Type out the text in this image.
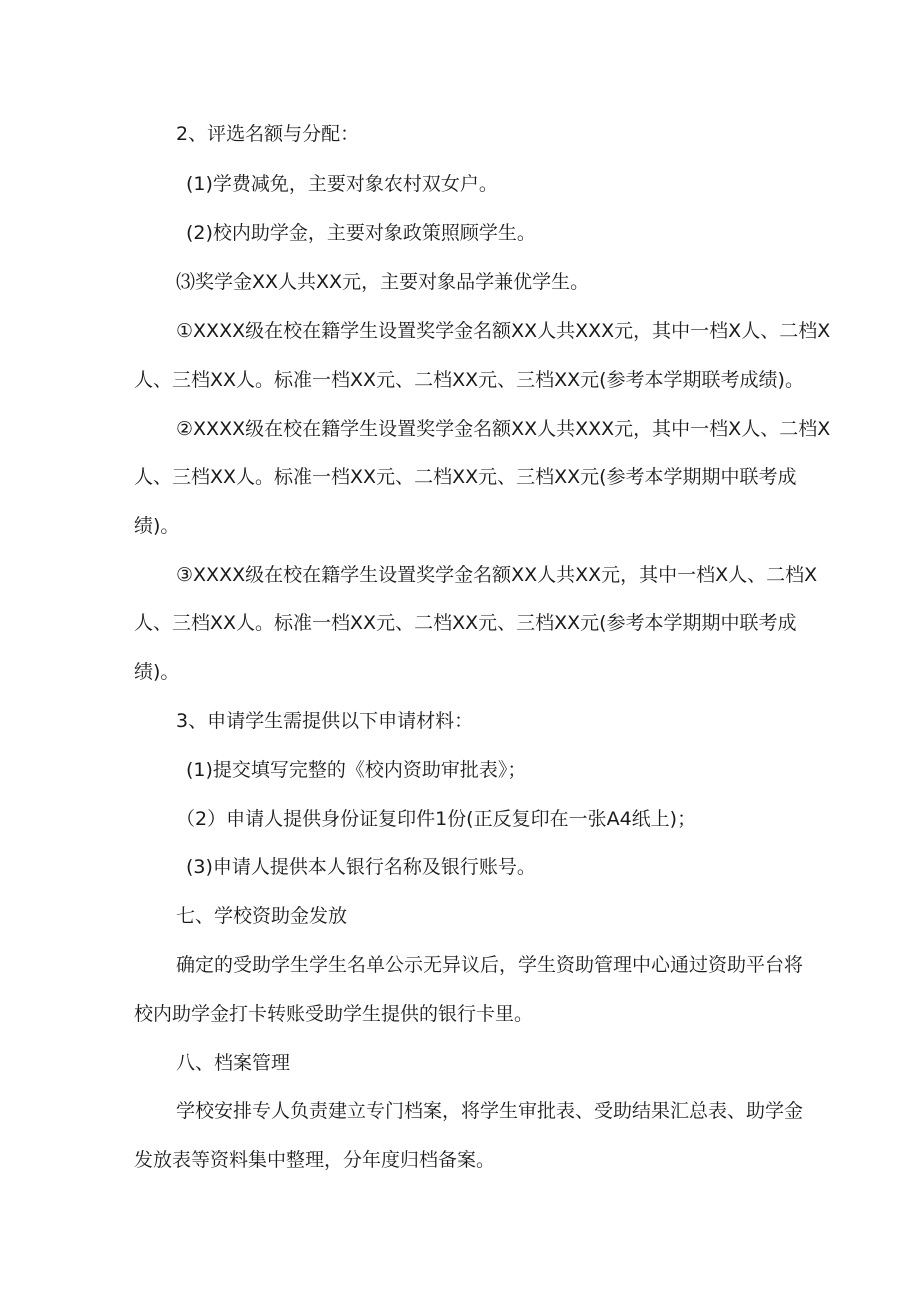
2、评选名额与分配：
(1)学费减免，主要对象农村双女户。
(2)校内助学金，主要对象政策照顾学生。
⑶奖学金XX人共XX元，主要对象品学兼优学生。
①XXXX级在校在籍学生设置奖学金名额XX人共XXX元，其中一档X人、二档X
人、三档XX人。标准一档XX元、二档XX元、三档XX元(参考本学期联考成绩)。
②XXXX级在校在籍学生设置奖学金名额XX人共XXX元，其中一档X人、二档X
人、三档XX人。标准一档XX元、二档XX元、三档XX元(参考本学期期中联考成
绩)。
③XXXX级在校在籍学生设置奖学金名额XX人共XX元，其中一档X人、二档X
人、三档XX人。标准一档XX元、二档XX元、三档XX元(参考本学期期中联考成
绩)。
3、申请学生需提供以下申请材料：
(1)提交填写完整的《校内资助审批表》；
（2）申请人提供身份证复印件1份(正反复印在一张A4纸上)；
(3)申请人提供本人银行名称及银行账号。
七、学校资助金发放
确定的受助学生学生名单公示无异议后，学生资助管理中心通过资助平台将
校内助学金打卡转账受助学生提供的银行卡里。
八、档案管理
学校安排专人负责建立专门档案，将学生审批表、受助结果汇总表、助学金
发放表等资料集中整理，分年度归档备案。
